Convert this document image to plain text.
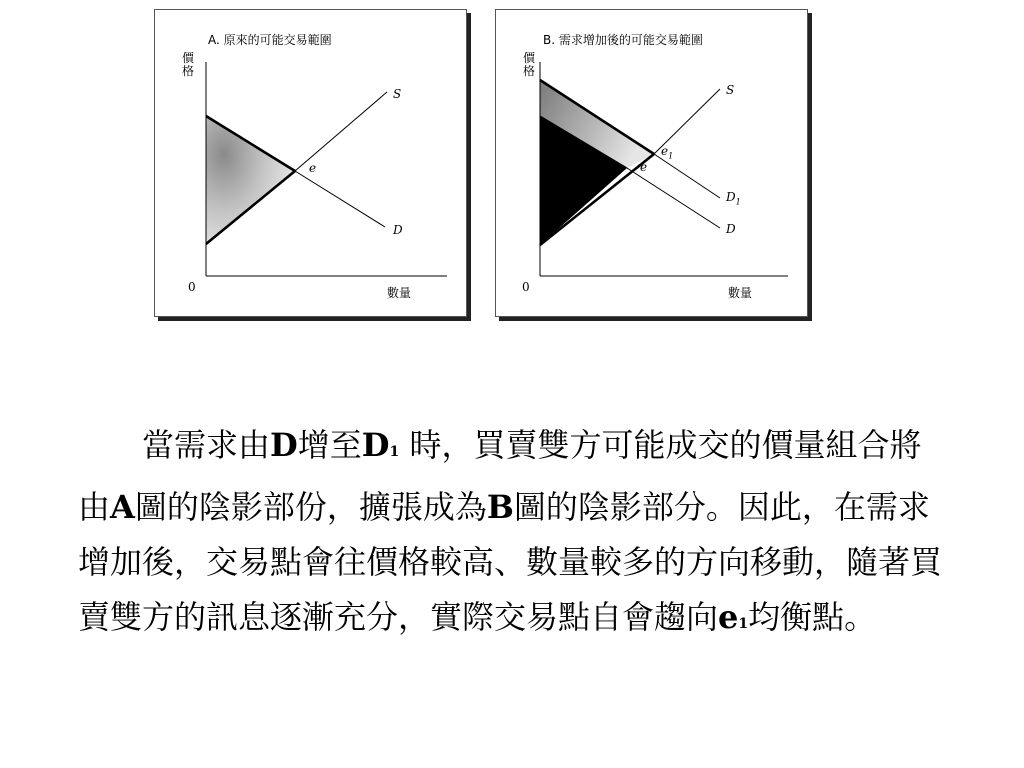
A. 原來的可能交易範圍
價格
數量
0
S
D
e
B. 需求增加後的可能交易範圍
價格
數量
0
S
$D_1$
D
$e_1$
e

當需求由D增至D1 時，買賣雙方可能成交的價量組合將由A圖的陰影部份，擴張成為B圖的陰影部分。因此，在需求增加後，交易點會往價格較高、數量較多的方向移動，隨著買賣雙方的訊息逐漸充分，實際交易點自會趨向e1均衡點。
